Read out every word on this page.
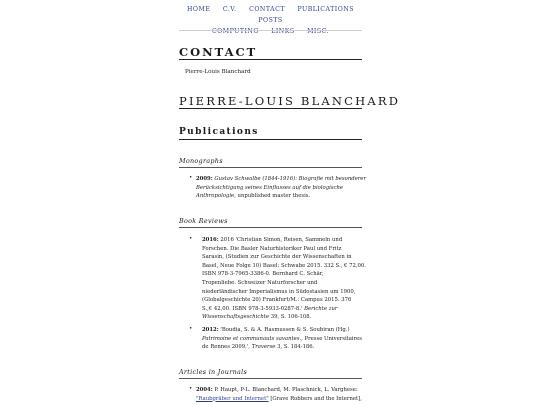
HOME C.V. CONTACT PUBLICATIONS POSTS
COMPUTING LINKS MISC.
CONTACT
Pierre-Louis Blanchard
PIERRE-LOUIS BLANCHARD
Publications
Monographs
• 2009: Gustav Schwalbe (1844-1916): Biografie mit besonderer
Berücksichtigung seines Einflusses auf die biologische
Anthropologie, unpublished master thesis.
Book Reviews
• 2016: 2016 'Christian Simon, Reisen, Sammeln und
Forschen. Die Basler Naturhistoriker Paul und Fritz
Sarasin, (Studien zur Geschichte der Wissenschaften in
Basel, Neue Folge 10) Basel: Schwabe 2015. 332 S., € 72,00.
ISBN 978-3-7965-3386-0. Bernhard C. Schär,
Tropenliebe. Schweizer Naturforscher und
niederländischer Imperialismus in Südostasien um 1900,
(Globalgeschichte 20) Frankfurt/M.: Campus 2015. 376
S.,€ 42,00. ISBN 978-3-5933-0287-8.' Berichte zur
Wissenschaftsgeschichte 39, S. 106-108.
• 2012: 'Boudia, S. & A. Rasmussen & S. Soubiran (Hg.)
Patrimoine et communauts savantes., Presse Universitaires
de Rennes 2009.', Traverse 3, S. 184-186.
Articles in Journals
• 2004: P. Haupt, P-L. Blanchard, M. Plaschnick, L. Varghese:
"Raubgräber und Internet" [Grave Robbers and the Internet],
